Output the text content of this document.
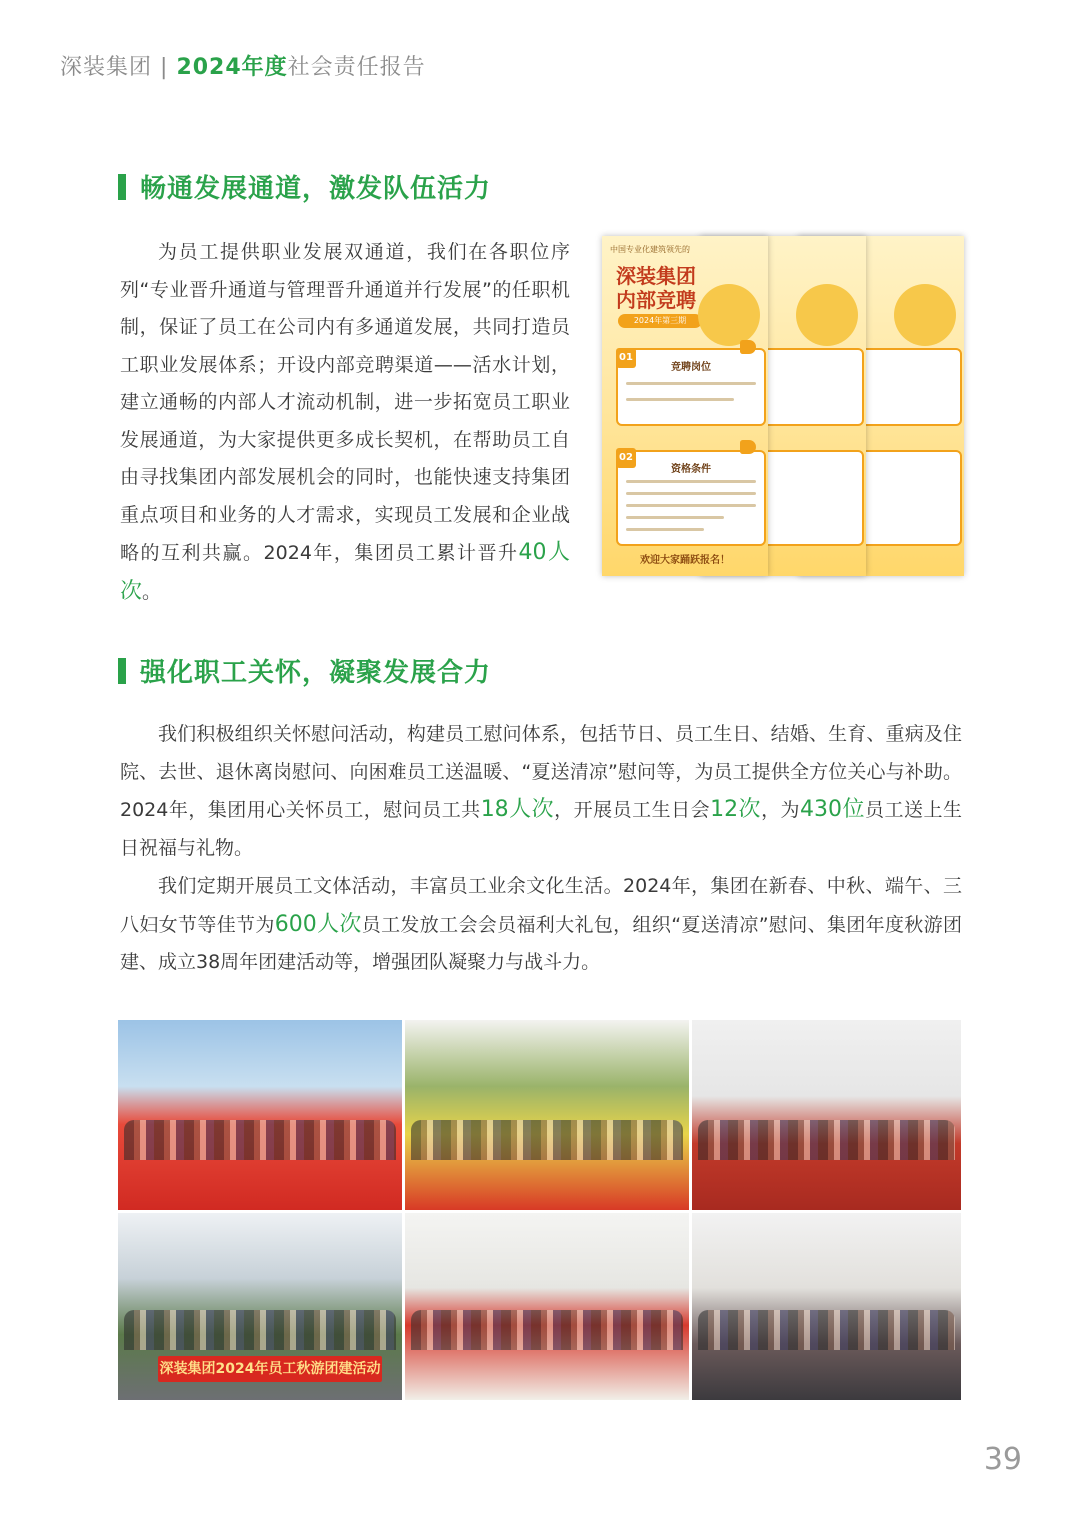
深装集团 | 2024年度社会责任报告
畅通发展通道，激发队伍活力

为员工提供职业发展双通道，我们在各职位序列“专业晋升通道与管理晋升通道并行发展”的任职机制，保证了员工在公司内有多通道发展，共同打造员工职业发展体系；开设内部竞聘渠道——活水计划，建立通畅的内部人才流动机制，进一步拓宽员工职业发展通道，为大家提供更多成长契机，在帮助员工自由寻找集团内部发展机会的同时，也能快速支持集团重点项目和业务的人才需求，实现员工发展和企业战略的互利共赢。2024年，集团员工累计晋升40人次。

中国专业化建筑领先的
深装集团
内部竞聘
2024年第三期
竞聘岗位
01
资格条件
02
欢迎大家踊跃报名！
强化职工关怀，凝聚发展合力

我们积极组织关怀慰问活动，构建员工慰问体系，包括节日、员工生日、结婚、生育、重病及住院、去世、退休离岗慰问、向困难员工送温暖、“夏送清凉”慰问等，为员工提供全方位关心与补助。2024年，集团用心关怀员工，慰问员工共18人次，开展员工生日会12次，为430位员工送上生日祝福与礼物。

我们定期开展员工文体活动，丰富员工业余文化生活。2024年，集团在新春、中秋、端午、三八妇女节等佳节为600人次员工发放工会会员福利大礼包，组织“夏送清凉”慰问、集团年度秋游团建、成立38周年团建活动等，增强团队凝聚力与战斗力。

深装集团2024年员工秋游团建活动
39
